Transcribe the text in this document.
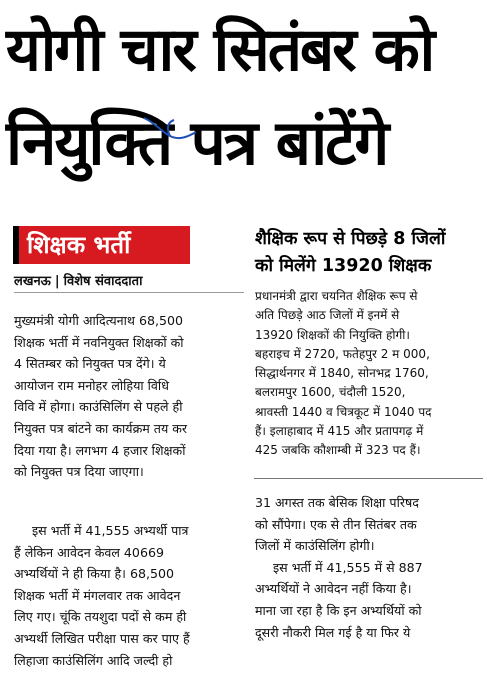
योगी चार सितंबर को
नियुक्ति पत्र बांटेंगे
शिक्षक भर्ती
लखनऊ | विशेष संवाददाता
मुख्यमंत्री योगी आदित्यनाथ 68,500
शिक्षक भर्ती में नवनियुक्त शिक्षकों को
4 सितम्बर को नियुक्त पत्र देंगे। ये
आयोजन राम मनोहर लोहिया विधि
विवि में होगा। काउंसिलिंग से पहले ही
नियुक्त पत्र बांटने का कार्यक्रम तय कर
दिया गया है। लगभग 4 हजार शिक्षकों
को नियुक्त पत्र दिया जाएगा।
इस भर्ती में 41,555 अभ्यर्थी पात्र
हैं लेकिन आवेदन केवल 40669
अभ्यर्थियों ने ही किया है। 68,500
शिक्षक भर्ती में मंगलवार तक आवेदन
लिए गए। चूंकि तयशुदा पदों से कम ही
अभ्यर्थी लिखित परीक्षा पास कर पाए हैं
लिहाजा काउंसिलिंग आदि जल्दी हो
शैक्षिक रूप से पिछड़े 8 जिलों
को मिलेंगे 13920 शिक्षक
प्रधानमंत्री द्वारा चयनित शैक्षिक रूप से
अति पिछड़े आठ जिलों में इनमें से
13920 शिक्षकों की नियुक्ति होगी।
बहराइच में 2720, फतेहपुर 2 म 000,
सिद्धार्थनगर में 1840, सोनभद्र 1760,
बलरामपुर 1600, चंदौली 1520,
श्रावस्ती 1440 व चित्रकूट में 1040 पद
हैं। इलाहाबाद में 415 और प्रतापगढ़ में
425 जबकि कौशाम्बी में 323 पद हैं।
31 अगस्त तक बेसिक शिक्षा परिषद
को सौंपेगा। एक से तीन सितंबर तक
जिलों में काउंसिलिंग होगी।
इस भर्ती में 41,555 में से 887
अभ्यर्थियों ने आवेदन नहीं किया है।
माना जा रहा है कि इन अभ्यर्थियों को
दूसरी नौकरी मिल गई है या फिर ये
